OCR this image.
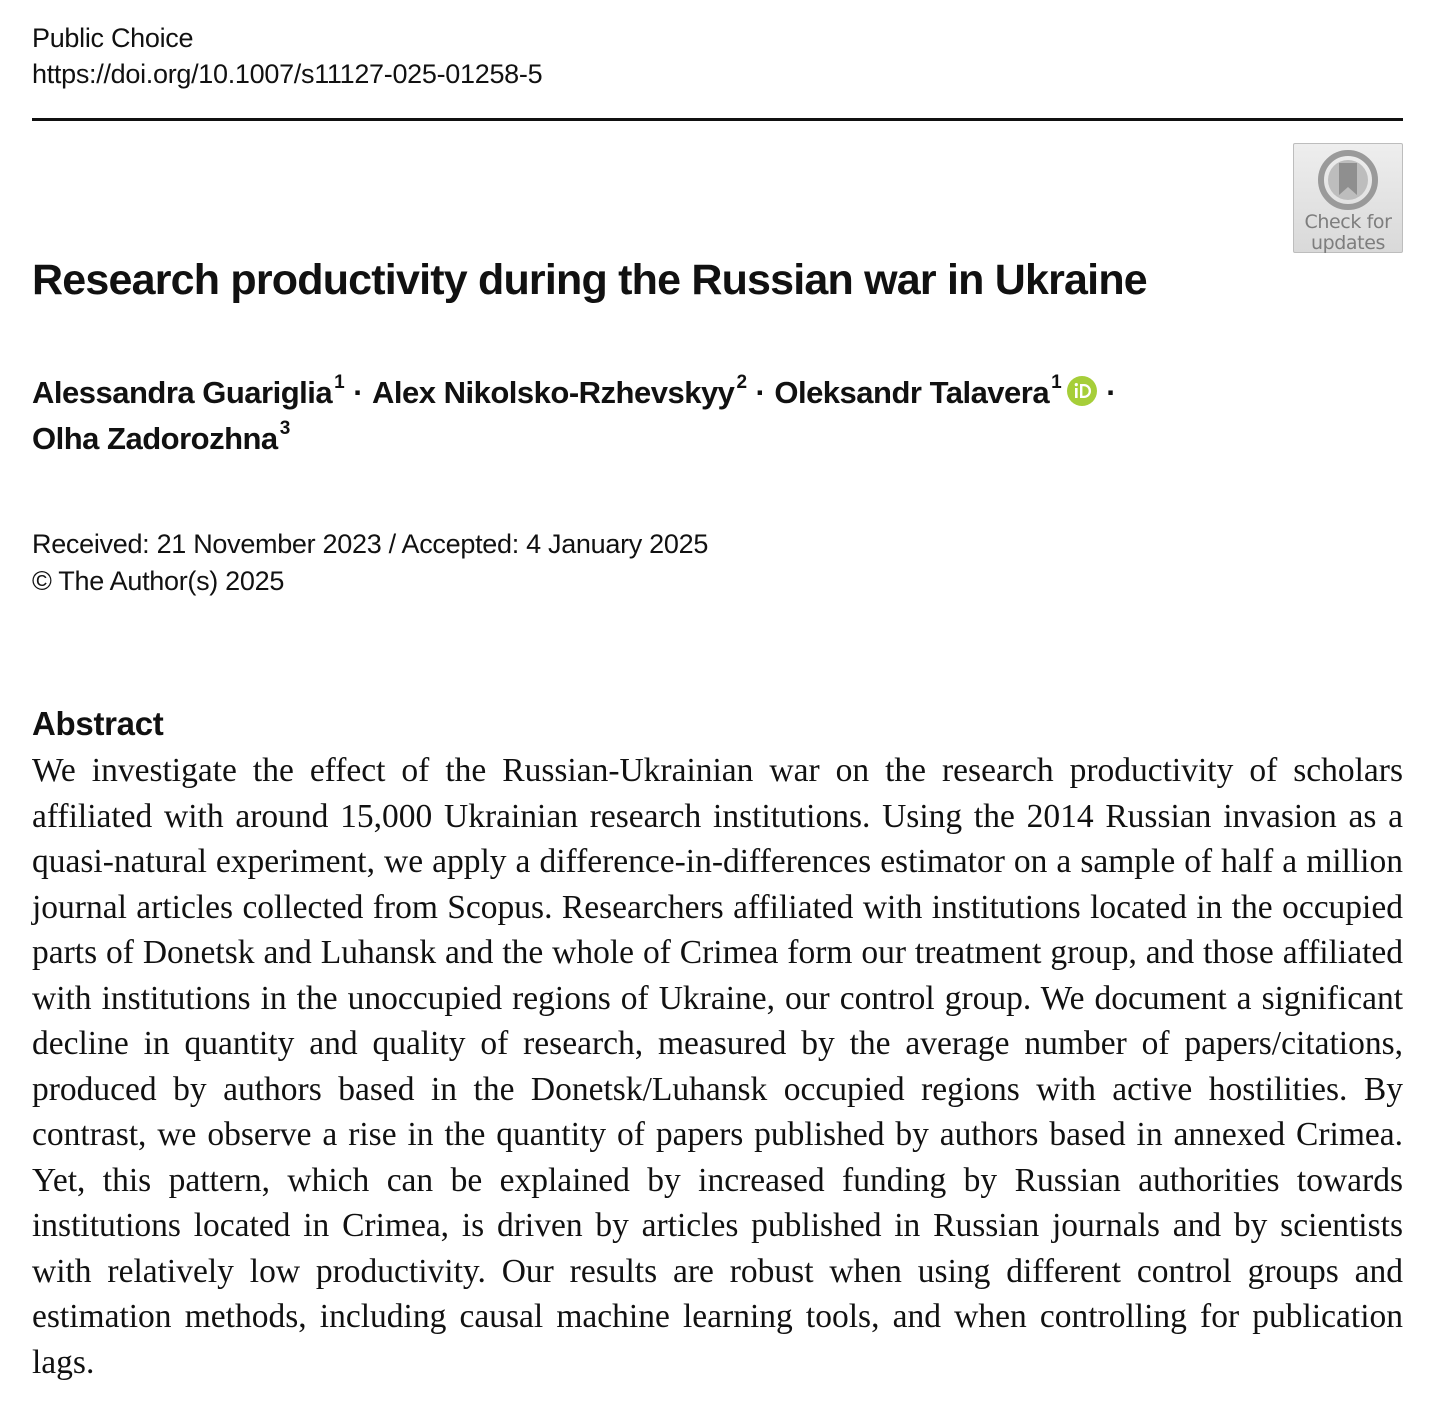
Public Choice
https://doi.org/10.1007/s11127-025-01258-5
Check for
updates
Research productivity during the Russian war in Ukraine
Alessandra Guariglia $^1$ · Alex Nikolsko-Rzhevskyy $^2$ · Oleksandr Talavera $^1$ ·
Olha Zadorozhna $^3$
Received: 21 November 2023 / Accepted: 4 January 2025
© The Author(s) 2025
Abstract
We investigate the effect of the Russian-Ukrainian war on the research productivity of scholars affiliated with around 15,000 Ukrainian research institutions. Using the 2014 Russian invasion as a quasi-natural experiment, we apply a difference-in-differences estimator on a sample of half a million journal articles collected from Scopus. Researchers affiliated with institutions located in the occupied parts of Donetsk and Luhansk and the whole of Crimea form our treatment group, and those affiliated with institutions in the unoccupied regions of Ukraine, our control group. We document a significant decline in quantity and quality of research, measured by the average number of papers/citations, produced by authors based in the Donetsk/Luhansk occupied regions with active hostilities. By contrast, we observe a rise in the quantity of papers published by authors based in annexed Crimea. Yet, this pattern, which can be explained by increased funding by Russian authorities towards institutions located in Crimea, is driven by articles published in Russian journals and by scientists with relatively low productivity. Our results are robust when using different control groups and estimation methods, including causal machine learning tools, and when controlling for publication lags.
